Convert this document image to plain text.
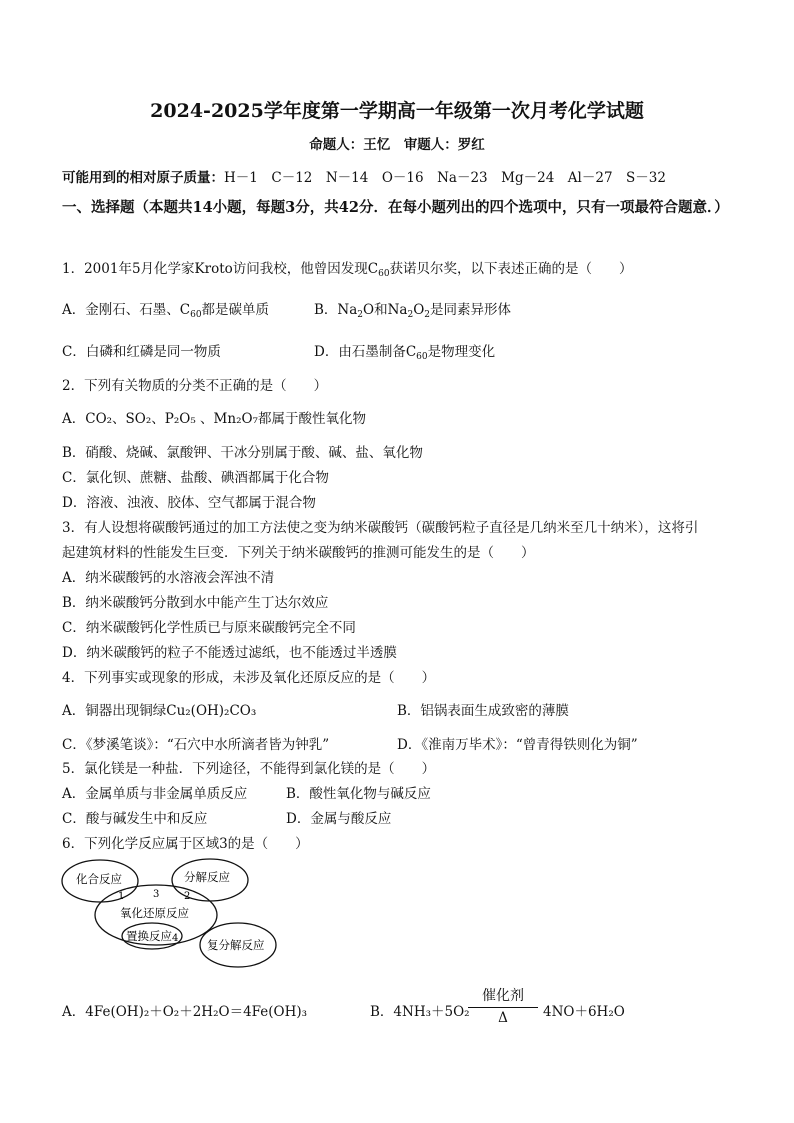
2024-2025学年度第一学期高一年级第一次月考化学试题
命题人：王忆　审题人：罗红
可能用到的相对原子质量：H－1　C－12　N－14　O－16　Na－23　Mg－24　Al－27　S－32
一、选择题（本题共14小题，每题3分，共42分．在每小题列出的四个选项中，只有一项最符合题意．）
1．2001年5月化学家Kroto访问我校，他曾因发现$C_{60}$获诺贝尔奖，以下表述正确的是（　　）
A．金刚石、石墨、$C_{60}$都是碳单质	B．$Na_2O$和$Na_2O_2$是同素异形体
C．白磷和红磷是同一物质	D．由石墨制备$C_{60}$是物理变化
2．下列有关物质的分类不正确的是（　　）
A．CO₂、SO₂、P₂O₅ 、Mn₂O₇都属于酸性氧化物
B．硝酸、烧碱、氯酸钾、干冰分别属于酸、碱、盐、氧化物
C．氯化钡、蔗糖、盐酸、碘酒都属于化合物
D．溶液、浊液、胶体、空气都属于混合物
3．有人设想将碳酸钙通过的加工方法使之变为纳米碳酸钙（碳酸钙粒子直径是几纳米至几十纳米），这将引
起建筑材料的性能发生巨变．下列关于纳米碳酸钙的推测可能发生的是（　　）
A．纳米碳酸钙的水溶液会浑浊不清
B．纳米碳酸钙分散到水中能产生丁达尔效应
C．纳米碳酸钙化学性质已与原来碳酸钙完全不同
D．纳米碳酸钙的粒子不能透过滤纸，也不能透过半透膜
4．下列事实或现象的形成，未涉及氧化还原反应的是（　　）
A．铜器出现铜绿Cu₂(OH)₂CO₃	B．铝锅表面生成致密的薄膜
C．《梦溪笔谈》：“石穴中水所滴者皆为钟乳”	D．《淮南万毕术》：“曾青得铁则化为铜”
5．氯化镁是一种盐．下列途径，不能得到氯化镁的是（　　）
A．金属单质与非金属单质反应	B．酸性氧化物与碱反应
C．酸与碱发生中和反应	D．金属与酸反应
6．下列化学反应属于区域3的是（　　）
化合反应	分解反应
氧化还原反应
置换反应
复分解反应
1	3 2
4
A．4Fe(OH)₂＋O₂＋2H₂O＝4Fe(OH)₃	B．4NH₃＋5O₂
催化剂
Δ	4NO＋6H₂O
